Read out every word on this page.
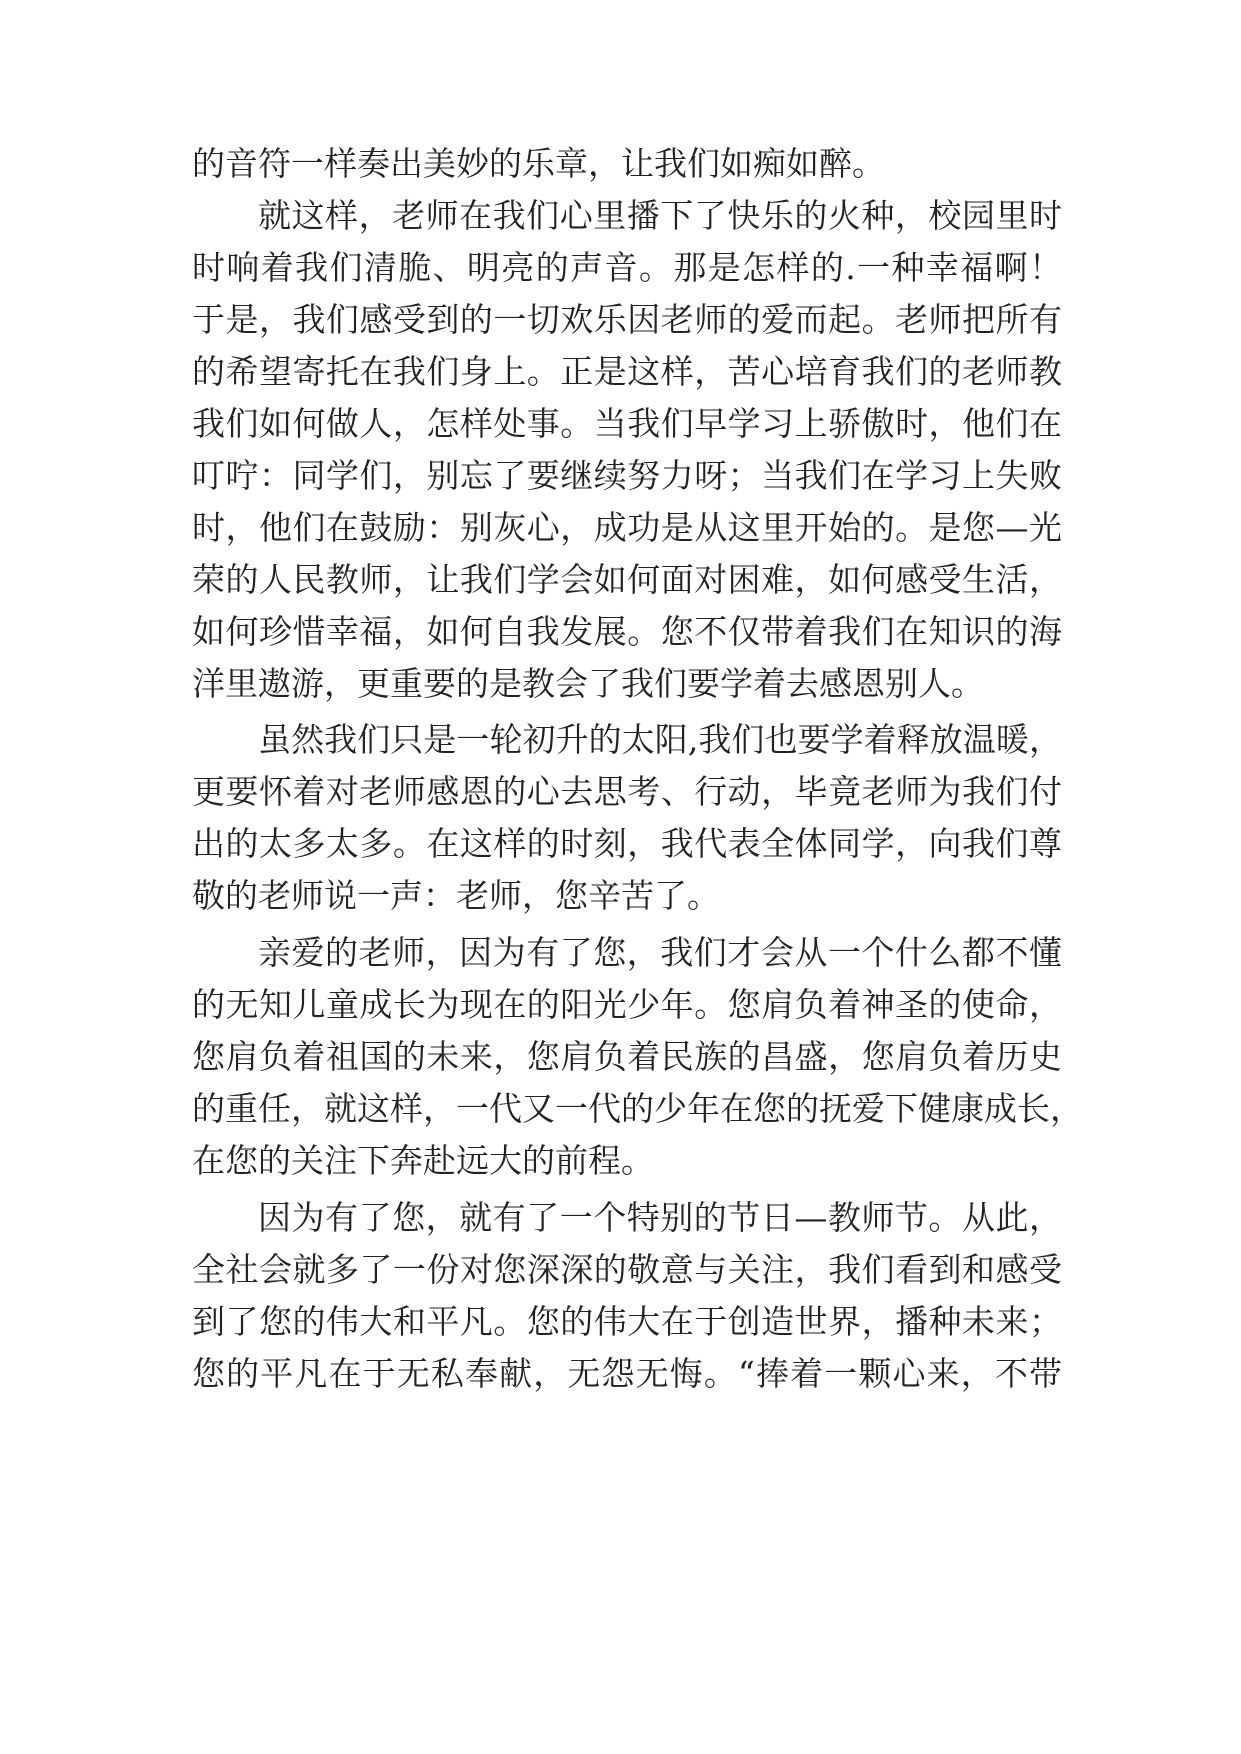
的音符一样奏出美妙的乐章，让我们如痴如醉。
就这样，老师在我们心里播下了快乐的火种，校园里时
时响着我们清脆、明亮的声音。那是怎样的.一种幸福啊！
于是，我们感受到的一切欢乐因老师的爱而起。老师把所有
的希望寄托在我们身上。正是这样，苦心培育我们的老师教
我们如何做人，怎样处事。当我们早学习上骄傲时，他们在
叮咛：同学们，别忘了要继续努力呀；当我们在学习上失败
时，他们在鼓励：别灰心，成功是从这里开始的。是您—光
荣的人民教师，让我们学会如何面对困难，如何感受生活，
如何珍惜幸福，如何自我发展。您不仅带着我们在知识的海
洋里遨游，更重要的是教会了我们要学着去感恩别人。
虽然我们只是一轮初升的太阳,我们也要学着释放温暖，
更要怀着对老师感恩的心去思考、行动，毕竟老师为我们付
出的太多太多。在这样的时刻，我代表全体同学，向我们尊
敬的老师说一声：老师，您辛苦了。
亲爱的老师，因为有了您，我们才会从一个什么都不懂
的无知儿童成长为现在的阳光少年。您肩负着神圣的使命，
您肩负着祖国的未来，您肩负着民族的昌盛，您肩负着历史
的重任，就这样，一代又一代的少年在您的抚爱下健康成长，
在您的关注下奔赴远大的前程。
因为有了您，就有了一个特别的节日—教师节。从此，
全社会就多了一份对您深深的敬意与关注，我们看到和感受
到了您的伟大和平凡。您的伟大在于创造世界，播种未来；
您的平凡在于无私奉献，无怨无悔。“捧着一颗心来，不带
